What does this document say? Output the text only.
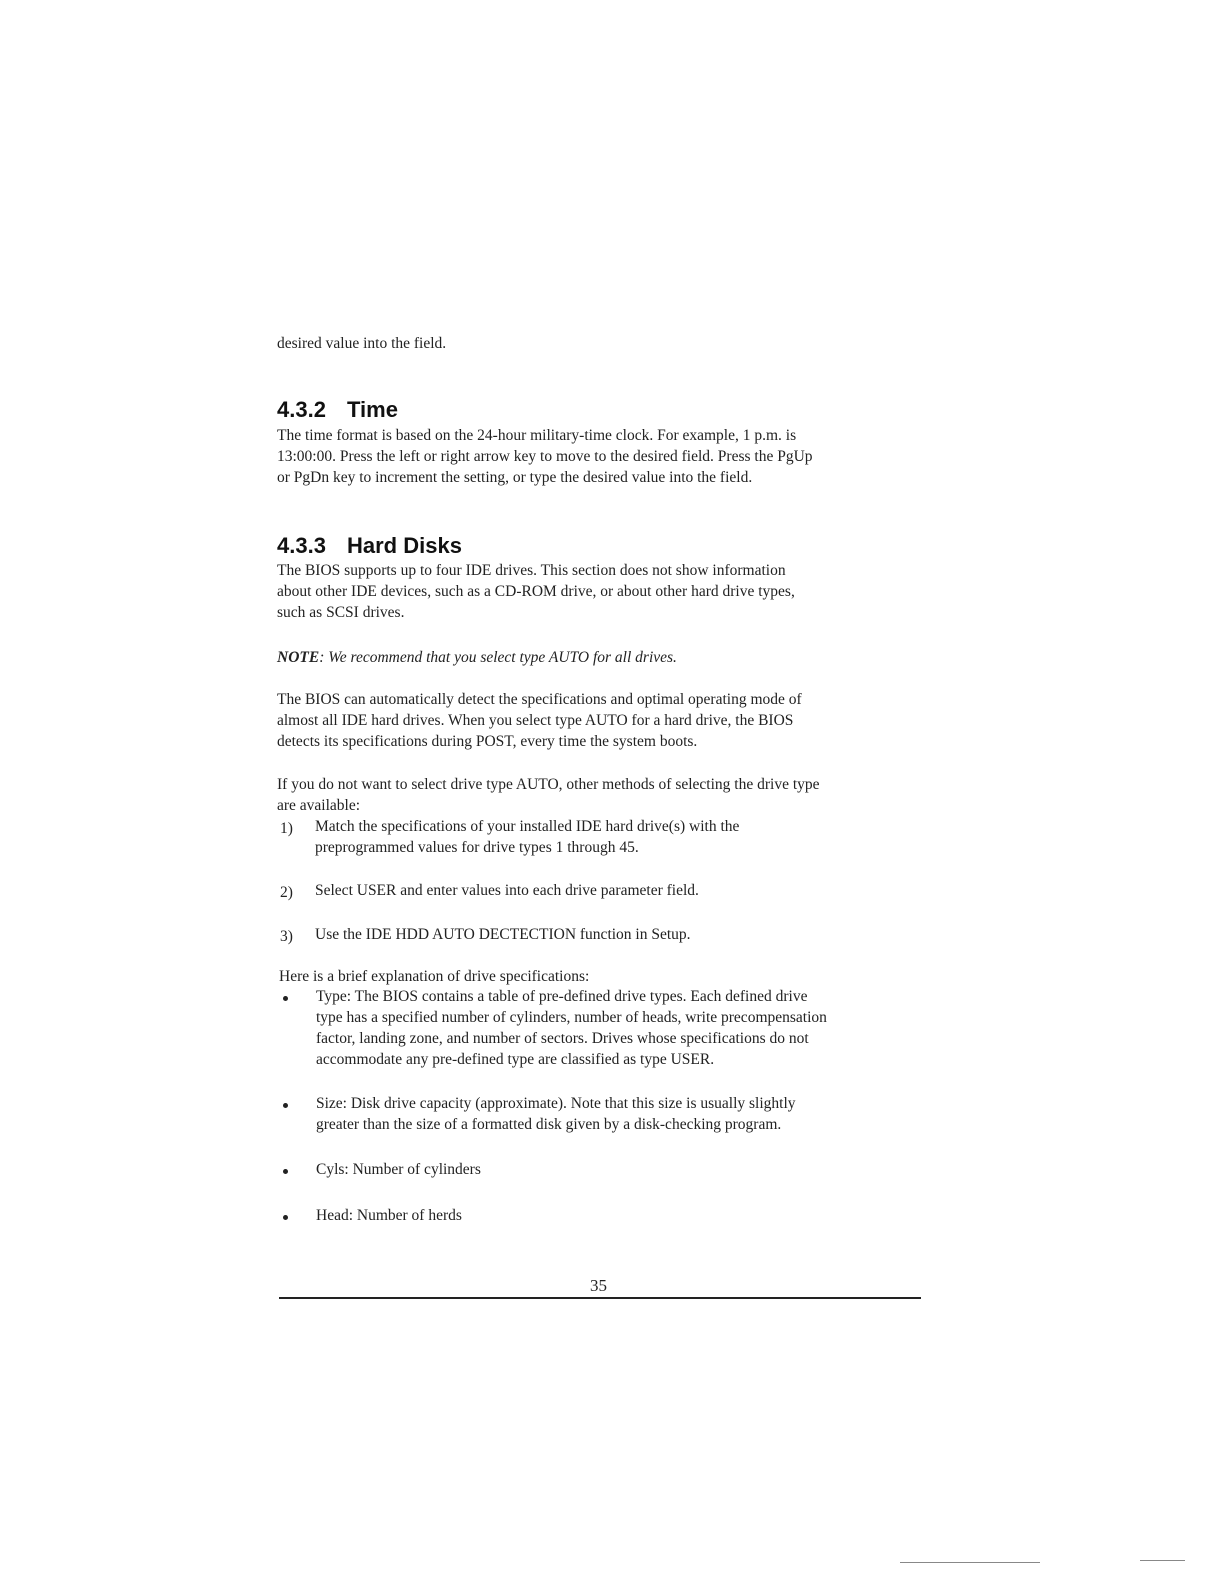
desired value into the field.
4.3.2 Time
The time format is based on the 24-hour military-time clock. For example, 1 p.m. is
13:00:00. Press the left or right arrow key to move to the desired field. Press the PgUp
or PgDn key to increment the setting, or type the desired value into the field.
4.3.3 Hard Disks
The BIOS supports up to four IDE drives. This section does not show information
about other IDE devices, such as a CD-ROM drive, or about other hard drive types,
such as SCSI drives.
NOTE: We recommend that you select type AUTO for all drives.
The BIOS can automatically detect the specifications and optimal operating mode of
almost all IDE hard drives. When you select type AUTO for a hard drive, the BIOS
detects its specifications during POST, every time the system boots.
If you do not want to select drive type AUTO, other methods of selecting the drive type
are available:
1) Match the specifications of your installed IDE hard drive(s) with the
preprogrammed values for drive types 1 through 45.
2) Select USER and enter values into each drive parameter field.
3) Use the IDE HDD AUTO DECTECTION function in Setup.
Here is a brief explanation of drive specifications:
Type: The BIOS contains a table of pre-defined drive types. Each defined drive
type has a specified number of cylinders, number of heads, write precompensation
factor, landing zone, and number of sectors. Drives whose specifications do not
accommodate any pre-defined type are classified as type USER.
Size: Disk drive capacity (approximate). Note that this size is usually slightly
greater than the size of a formatted disk given by a disk-checking program.
Cyls: Number of cylinders
Head: Number of herds
35
